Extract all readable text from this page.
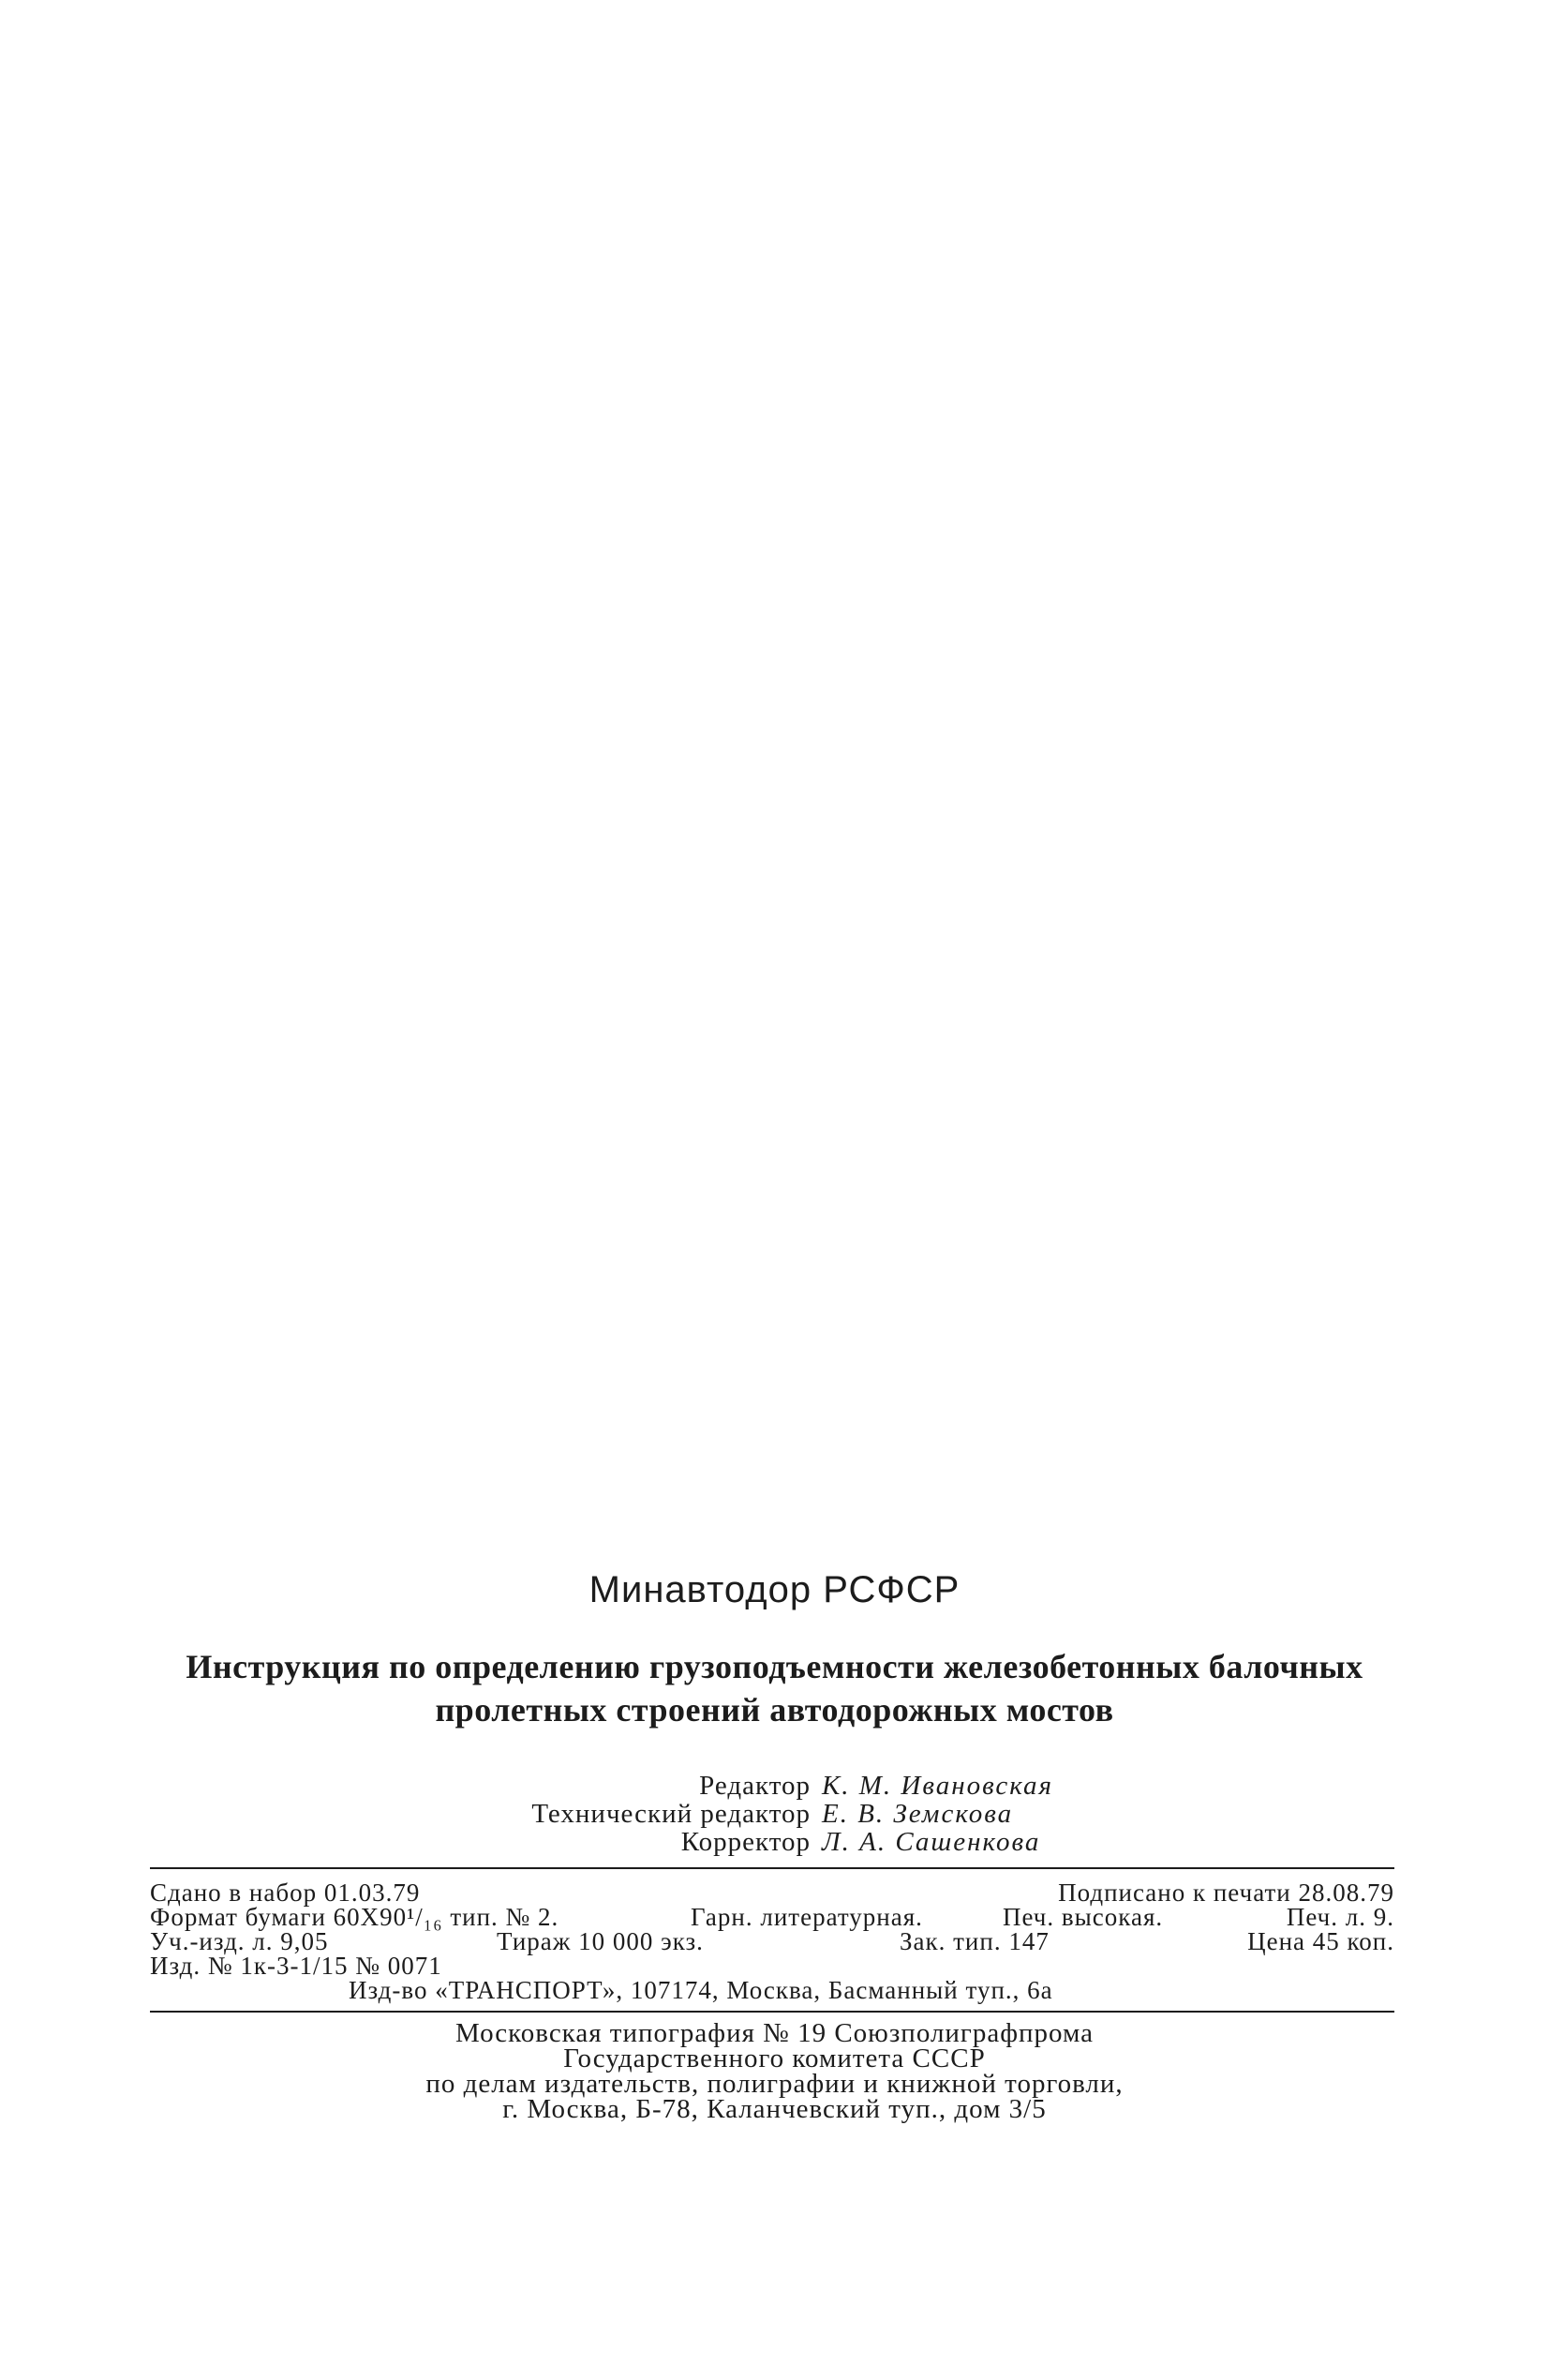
Минавтодор РСФСР
Инструкция по определению грузоподъемности железобетонных балочных
пролетных строений автодорожных мостов
Редактор К. М. Ивановская
Технический редактор Е. В. Земскова
Корректор Л. А. Сашенкова
Сдано в набор 01.03.79	Подписано к печати 28.08.79
Формат бумаги 60Х90¹/₁₆ тип. № 2.	Гарн. литературная.	Печ. высокая.	Печ. л. 9.
Уч.-изд. л. 9,05	Тираж 10 000 экз.	Зак. тип. 147	Цена 45 коп.
Изд. № 1к-3-1/15 № 0071
Изд-во «ТРАНСПОРТ», 107174, Москва, Басманный туп., 6а
Московская типография № 19 Союзполиграфпрома
Государственного комитета СССР
по делам издательств, полиграфии и книжной торговли,
г. Москва, Б-78, Каланчевский туп., дом 3/5
